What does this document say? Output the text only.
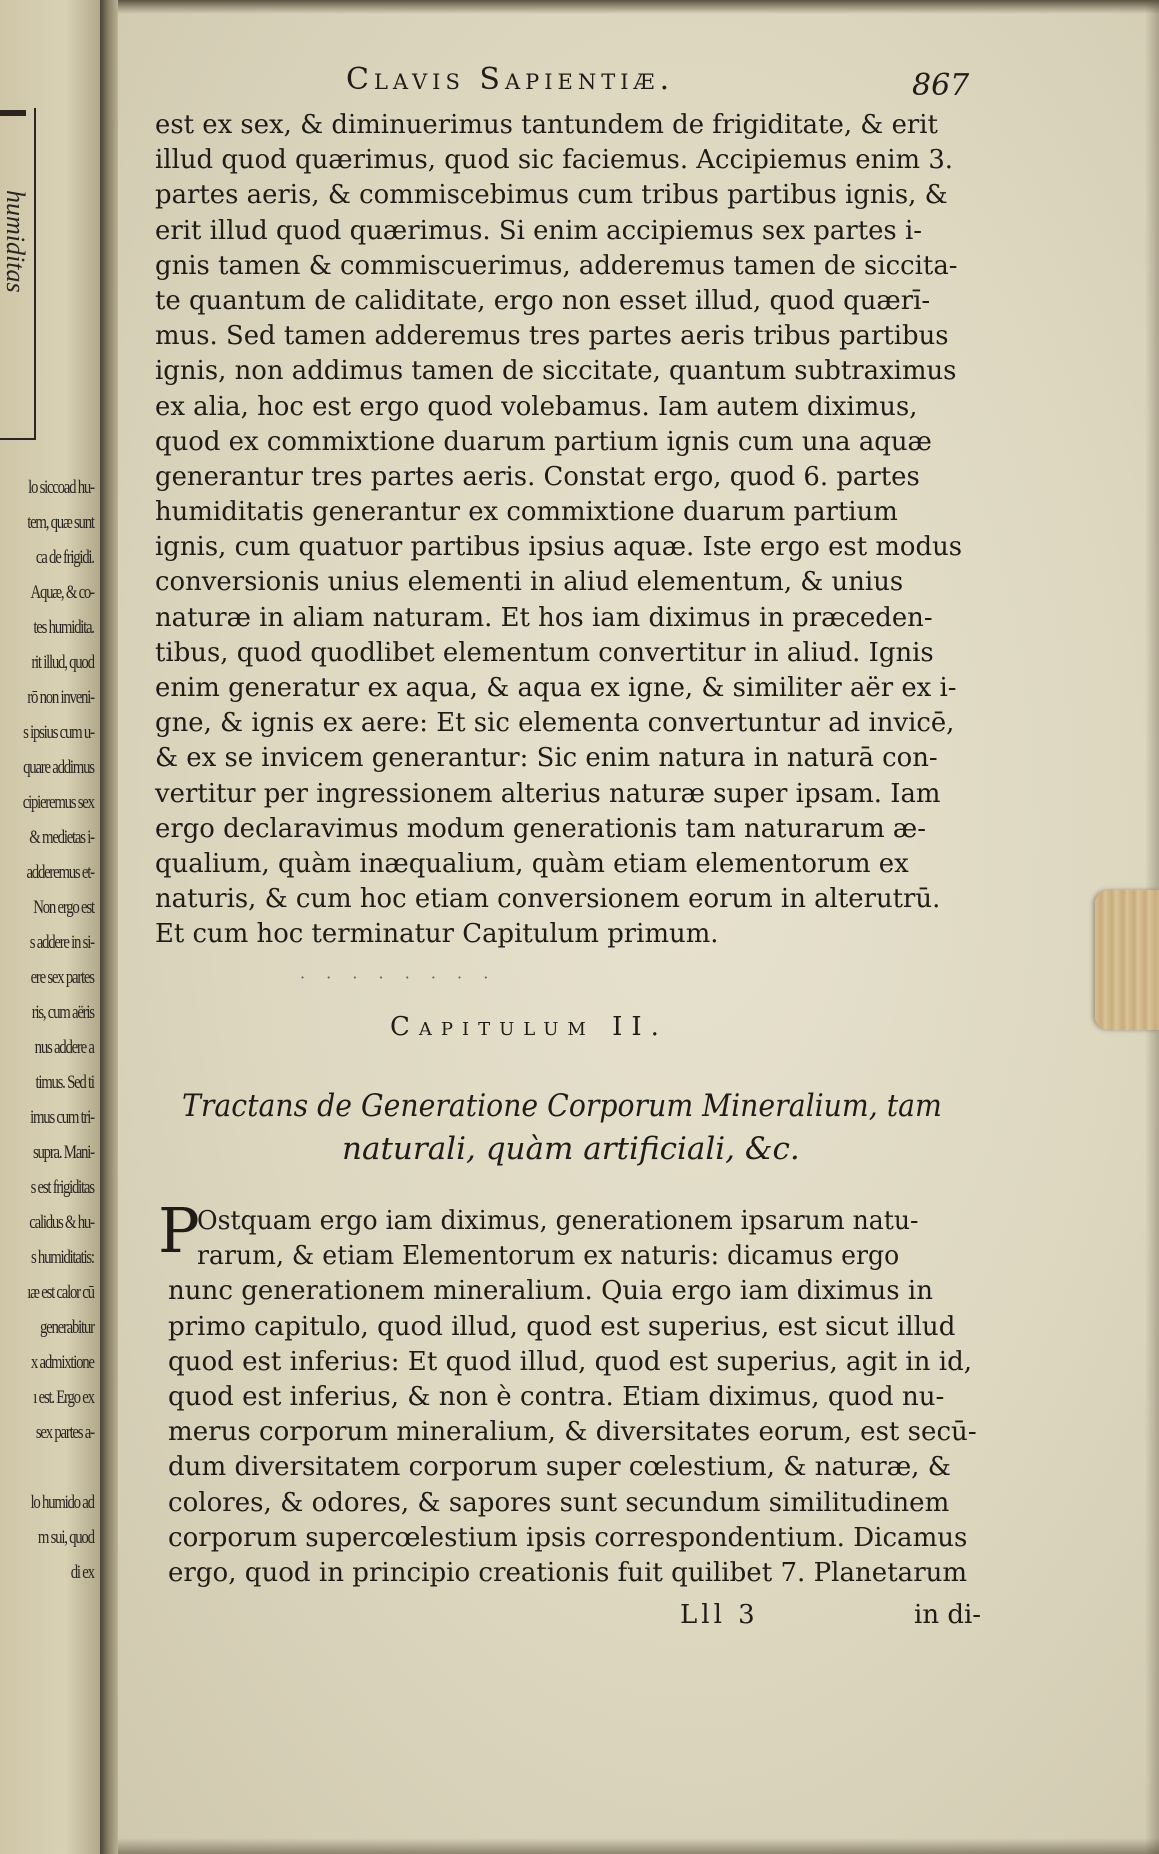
humiditas
lo siccoad hu-
tem, quæ sunt
ca de frigidi.
Aquæ, & co-
tes humidita.
rit illud, quod
rō non inveni-
s ipsius cum u-
quare addimus
cipieremus sex
& medietas i-
adderemus et-
Non ergo est
s addere in si-
ere sex partes
ris, cum aëris
nus addere a
timus. Sed ti
imus cum tri-
supra. Mani-
s est frigiditas
calidus & hu-
s humiditatis:
ıæ est calor cū
generabitur
x admixtione
ı est. Ergo ex
sex partes a-
lo humido ad
m sui, quod
di ex
Clavis Sapientiæ.	867
est ex sex, & diminuerimus tantundem de frigiditate, & erit
illud quod quærimus, quod sic faciemus. Accipiemus enim 3.
partes aeris, & commiscebimus cum tribus partibus ignis, &
erit illud quod quærimus. Si enim accipiemus sex partes i-
gnis tamen & commiscuerimus, adderemus tamen de siccita-
te quantum de caliditate, ergo non esset illud, quod quærī-
mus. Sed tamen adderemus tres partes aeris tribus partibus
ignis, non addimus tamen de siccitate, quantum subtraximus
ex alia, hoc est ergo quod volebamus. Iam autem diximus,
quod ex commixtione duarum partium ignis cum una aquæ
generantur tres partes aeris. Constat ergo, quod 6. partes
humiditatis generantur ex commixtione duarum partium
ignis, cum quatuor partibus ipsius aquæ. Iste ergo est modus
conversionis unius elementi in aliud elementum, & unius
naturæ in aliam naturam. Et hos iam diximus in præceden-
tibus, quod quodlibet elementum convertitur in aliud. Ignis
enim generatur ex aqua, & aqua ex igne, & similiter aër ex i-
gne, & ignis ex aere: Et sic elementa convertuntur ad invicē,
& ex se invicem generantur: Sic enim natura in naturā con-
vertitur per ingressionem alterius naturæ super ipsam. Iam
ergo declaravimus modum generationis tam naturarum æ-
qualium, quàm inæqualium, quàm etiam elementorum ex
naturis, & cum hoc etiam conversionem eorum in alterutrū.
Et cum hoc terminatur Capitulum primum.
· · · · · · · ·
Capitulum II.
Tractans de Generatione Corporum Mineralium, tam
naturali, quàm artificiali, &c.
P
Ostquam ergo iam diximus, generationem ipsarum natu-
rarum, & etiam Elementorum ex naturis: dicamus ergo
nunc generationem mineralium. Quia ergo iam diximus in
primo capitulo, quod illud, quod est superius, est sicut illud
quod est inferius: Et quod illud, quod est superius, agit in id,
quod est inferius, & non è contra. Etiam diximus, quod nu-
merus corporum mineralium, & diversitates eorum, est secū-
dum diversitatem corporum super cœlestium, & naturæ, &
colores, & odores, & sapores sunt secundum similitudinem
corporum supercœlestium ipsis correspondentium. Dicamus
ergo, quod in principio creationis fuit quilibet 7. Planetarum
Lll 3	in di-
